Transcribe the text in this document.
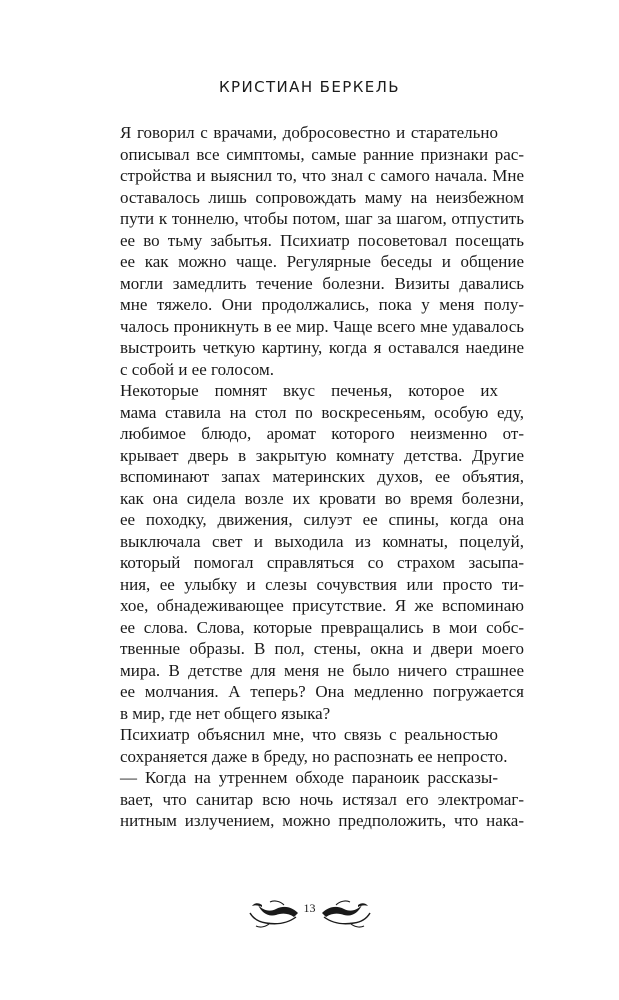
КРИСТИАН БЕРКЕЛЬ

Я говорил с врачами, добросовестно и старательно
описывал все симптомы, самые ранние признаки рас-
стройства и выяснил то, что знал с самого начала. Мне
оставалось лишь сопровождать маму на неизбежном
пути к тоннелю, чтобы потом, шаг за шагом, отпустить
ее во тьму забытья. Психиатр посоветовал посещать
ее как можно чаще. Регулярные беседы и общение
могли замедлить течение болезни. Визиты давались
мне тяжело. Они продолжались, пока у меня полу-
чалось проникнуть в ее мир. Чаще всего мне удавалось
выстроить четкую картину, когда я оставался наедине
с собой и ее голосом.

Некоторые помнят вкус печенья, которое их
мама ставила на стол по воскресеньям, особую еду,
любимое блюдо, аромат которого неизменно от-
крывает дверь в закрытую комнату детства. Другие
вспоминают запах материнских духов, ее объятия,
как она сидела возле их кровати во время болезни,
ее походку, движения, силуэт ее спины, когда она
выключала свет и выходила из комнаты, поцелуй,
который помогал справляться со страхом засыпа-
ния, ее улыбку и слезы сочувствия или просто ти-
хое, обнадеживающее присутствие. Я же вспоминаю
ее слова. Слова, которые превращались в мои собс-
твенные образы. В пол, стены, окна и двери моего
мира. В детстве для меня не было ничего страшнее
ее молчания. А теперь? Она медленно погружается
в мир, где нет общего языка?

Психиатр объяснил мне, что связь с реальностью
сохраняется даже в бреду, но распознать ее непросто.

— Когда на утреннем обходе параноик рассказы-
вает, что санитар всю ночь истязал его электромаг-
нитным излучением, можно предположить, что нака-

13
